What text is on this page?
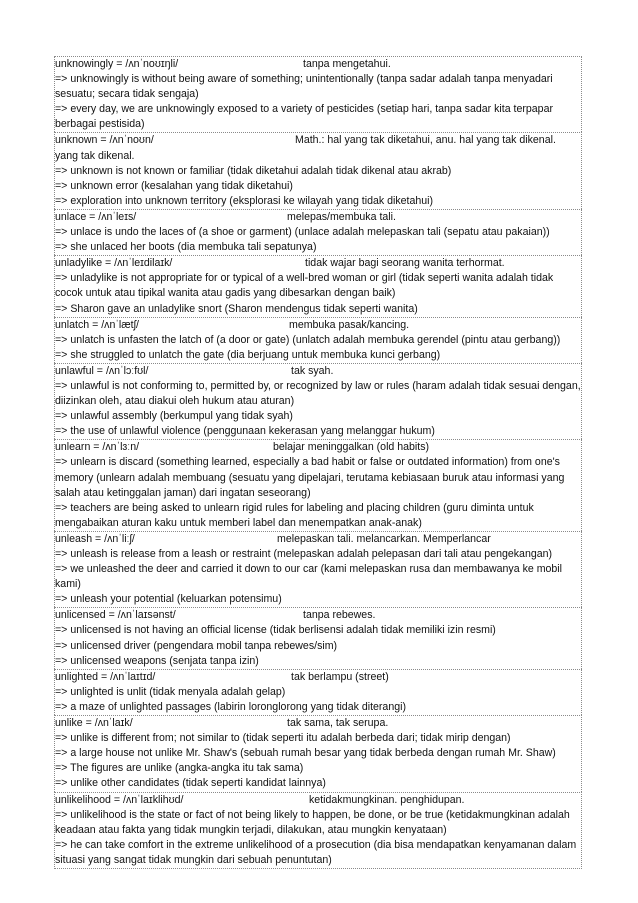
unknowingly = /ʌnˈnoʊɪŋli/	tanpa mengetahui.
=> unknowingly is without being aware of something; unintentionally (tanpa sadar adalah tanpa menyadari sesuatu; secara tidak sengaja)
=> every day, we are unknowingly exposed to a variety of pesticides (setiap hari, tanpa sadar kita terpapar berbagai pestisida)
unknown = /ʌnˈnoʊn/	Math.: hal yang tak diketahui, anu. hal yang tak dikenal.
yang tak dikenal.
=> unknown is not known or familiar (tidak diketahui adalah tidak dikenal atau akrab)
=> unknown error (kesalahan yang tidak diketahui)
=> exploration into unknown territory (eksplorasi ke wilayah yang tidak diketahui)
unlace = /ʌnˈleɪs/	melepas/membuka tali.
=> unlace is undo the laces of (a shoe or garment) (unlace adalah melepaskan tali (sepatu atau pakaian))
=> she unlaced her boots (dia membuka tali sepatunya)
unladylike = /ʌnˈleɪdilaɪk/	tidak wajar bagi seorang wanita terhormat.
=> unladylike is not appropriate for or typical of a well-bred woman or girl (tidak seperti wanita adalah tidak cocok untuk atau tipikal wanita atau gadis yang dibesarkan dengan baik)
=> Sharon gave an unladylike snort (Sharon mendengus tidak seperti wanita)
unlatch = /ʌnˈlætʃ/	membuka pasak/kancing.
=> unlatch is unfasten the latch of (a door or gate) (unlatch adalah membuka gerendel (pintu atau gerbang))
=> she struggled to unlatch the gate (dia berjuang untuk membuka kunci gerbang)
unlawful = /ʌnˈlɔːfʊl/	tak syah.
=> unlawful is not conforming to, permitted by, or recognized by law or rules (haram adalah tidak sesuai dengan, diizinkan oleh, atau diakui oleh hukum atau aturan)
=> unlawful assembly (berkumpul yang tidak syah)
=> the use of unlawful violence (penggunaan kekerasan yang melanggar hukum)
unlearn = /ʌnˈlɜːn/	belajar meninggalkan (old habits)
=> unlearn is discard (something learned, especially a bad habit or false or outdated information) from one's memory (unlearn adalah membuang (sesuatu yang dipelajari, terutama kebiasaan buruk atau informasi yang salah atau ketinggalan jaman) dari ingatan seseorang)
=> teachers are being asked to unlearn rigid rules for labeling and placing children (guru diminta untuk mengabaikan aturan kaku untuk memberi label dan menempatkan anak-anak)
unleash = /ʌnˈliːʃ/	melepaskan tali. melancarkan. Memperlancar
=> unleash is release from a leash or restraint (melepaskan adalah pelepasan dari tali atau pengekangan)
=> we unleashed the deer and carried it down to our car (kami melepaskan rusa dan membawanya ke mobil kami)
=> unleash your potential (keluarkan potensimu)
unlicensed = /ʌnˈlaɪsənst/	tanpa rebewes.
=> unlicensed is not having an official license (tidak berlisensi adalah tidak memiliki izin resmi)
=> unlicensed driver (pengendara mobil tanpa rebewes/sim)
=> unlicensed weapons (senjata tanpa izin)
unlighted = /ʌnˈlaɪtɪd/	tak berlampu (street)
=> unlighted is unlit (tidak menyala adalah gelap)
=> a maze of unlighted passages (labirin loronglorong yang tidak diterangi)
unlike = /ʌnˈlaɪk/	tak sama, tak serupa.
=> unlike is different from; not similar to (tidak seperti itu adalah berbeda dari; tidak mirip dengan)
=> a large house not unlike Mr. Shaw's (sebuah rumah besar yang tidak berbeda dengan rumah Mr. Shaw)
=> The figures are unlike (angka-angka itu tak sama)
=> unlike other candidates (tidak seperti kandidat lainnya)
unlikelihood = /ʌnˈlaɪklihʊd/	ketidakmungkinan. penghidupan.
=> unlikelihood is the state or fact of not being likely to happen, be done, or be true (ketidakmungkinan adalah keadaan atau fakta yang tidak mungkin terjadi, dilakukan, atau mungkin kenyataan)
=> he can take comfort in the extreme unlikelihood of a prosecution (dia bisa mendapatkan kenyamanan dalam situasi yang sangat tidak mungkin dari sebuah penuntutan)
